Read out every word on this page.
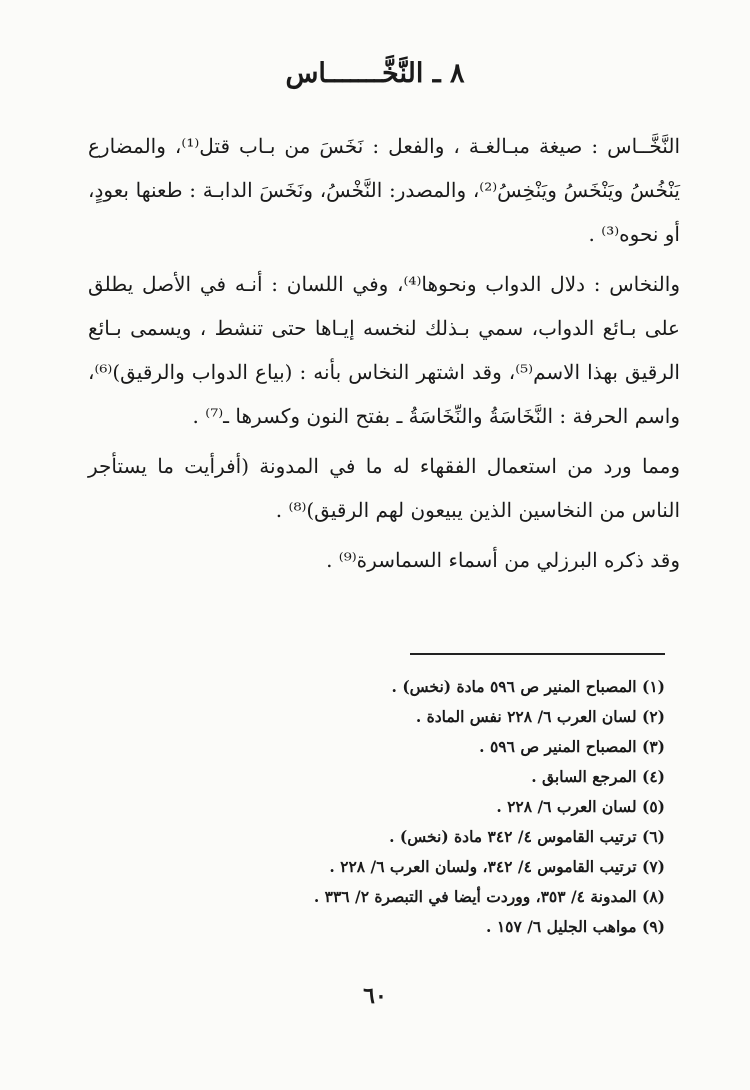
٨ ـ النَّخَّـــــــاس

النَّخَّــاس : صيغة مبـالغـة ، والفعل : نَخَسَ من بـاب قتل⁽¹⁾، والمضارع يَنْخُسُ ويَنْخَسُ ويَنْخِسُ⁽²⁾، والمصدر: النَّخْسُ، ونَخَسَ الدابـة : طعنها بعودٍ، أو نحوه⁽³⁾ .

والنخاس : دلال الدواب ونحوها⁽⁴⁾، وفي اللسان : أنـه في الأصل يطلق على بـائع الدواب، سمي بـذلك لنخسه إيـاها حتى تنشط ، ويسمى بـائع الرقيق بهذا الاسم⁽⁵⁾، وقد اشتهر النخاس بأنه : (بياع الدواب والرقيق)⁽⁶⁾، واسم الحرفة : النَّخَاسَةُ والنِّخَاسَةُ ـ بفتح النون وكسرها ـ⁽⁷⁾ .

ومما ورد من استعمال الفقهاء له ما في المدونة (أفرأيت ما يستأجر الناس من النخاسين الذين يبيعون لهم الرقيق)⁽⁸⁾ .

وقد ذكره البرزلي من أسماء السماسرة⁽⁹⁾ .

(١) المصباح المنير ص ٥٩٦ مادة (نخس) .
(٢) لسان العرب ٦/ ٢٢٨ نفس المادة .
(٣) المصباح المنير ص ٥٩٦ .
(٤) المرجع السابق .
(٥) لسان العرب ٦/ ٢٢٨ .
(٦) ترتيب القاموس ٤/ ٣٤٢ مادة (نخس) .
(٧) ترتيب القاموس ٤/ ٣٤٢، ولسان العرب ٦/ ٢٢٨ .
(٨) المدونة ٤/ ٣٥٣، ووردت أيضا في التبصرة ٢/ ٣٣٦ .
(٩) مواهب الجليل ٦/ ١٥٧ .
٦٠
